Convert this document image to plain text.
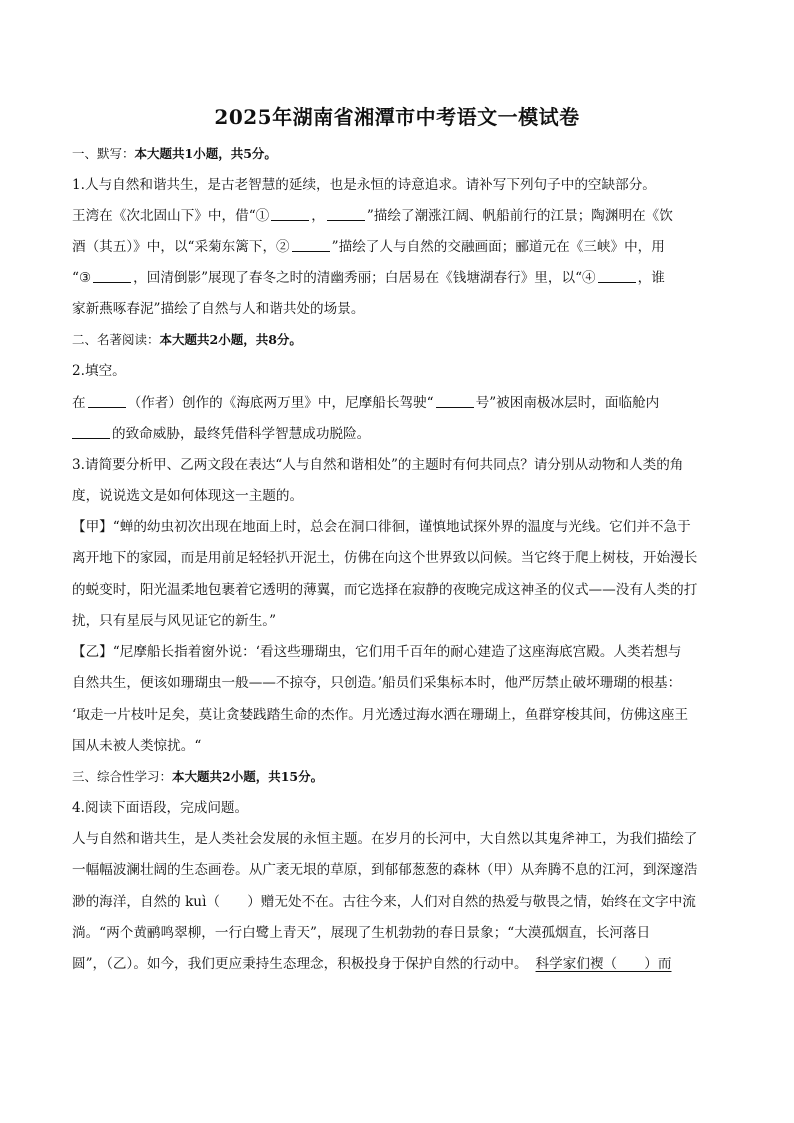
2025年湖南省湘潭市中考语文一模试卷
一、默写：本大题共1小题，共5分。
1.人与自然和谐共生，是古老智慧的延续，也是永恒的诗意追求。请补写下列句子中的空缺部分。
王湾在《次北固山下》中，借“①	，	”描绘了潮涨江阔、帆船前行的江景；陶渊明在《饮
酒（其五）》中，以“采菊东篱下，②	”描绘了人与自然的交融画面；郦道元在《三峡》中，用
“③	，回清倒影”展现了春冬之时的清幽秀丽；白居易在《钱塘湖春行》里，以“④	，谁
家新燕啄春泥”描绘了自然与人和谐共处的场景。
二、名著阅读：本大题共2小题，共8分。
2.填空。
在	（作者）创作的《海底两万里》中，尼摩船长驾驶“	号”被困南极冰层时，面临舱内
的致命威胁，最终凭借科学智慧成功脱险。
3.请简要分析甲、乙两文段在表达“人与自然和谐相处”的主题时有何共同点？请分别从动物和人类的角
度，说说选文是如何体现这一主题的。
【甲】“蝉的幼虫初次出现在地面上时，总会在洞口徘徊，谨慎地试探外界的温度与光线。它们并不急于
离开地下的家园，而是用前足轻轻扒开泥土，仿佛在向这个世界致以问候。当它终于爬上树枝，开始漫长
的蜕变时，阳光温柔地包裹着它透明的薄翼，而它选择在寂静的夜晚完成这神圣的仪式——没有人类的打
扰，只有星辰与风见证它的新生。”
【乙】“尼摩船长指着窗外说：‘看这些珊瑚虫，它们用千百年的耐心建造了这座海底宫殿。人类若想与
自然共生，便该如珊瑚虫一般——不掠夺，只创造。’船员们采集标本时，他严厉禁止破坏珊瑚的根基：
‘取走一片枝叶足矣，莫让贪婪践踏生命的杰作。月光透过海水洒在珊瑚上，鱼群穿梭其间，仿佛这座王
国从未被人类惊扰。“
三、综合性学习：本大题共2小题，共15分。
4.阅读下面语段，完成问题。
人与自然和谐共生，是人类社会发展的永恒主题。在岁月的长河中，大自然以其鬼斧神工，为我们描绘了
一幅幅波澜壮阔的生态画卷。从广袤无垠的草原，到郁郁葱葱的森林（甲）从奔腾不息的江河，到深邃浩
渺的海洋，自然的 kuì（　　）赠无处不在。古往今来，人们对自然的热爱与敬畏之情，始终在文字中流
淌。“两个黄鹂鸣翠柳，一行白鹭上青天”，展现了生机勃勃的春日景象；“大漠孤烟直，长河落日
圆”，（乙）。如今，我们更应秉持生态理念，积极投身于保护自然的行动中。 科学家们褉（　　）而
